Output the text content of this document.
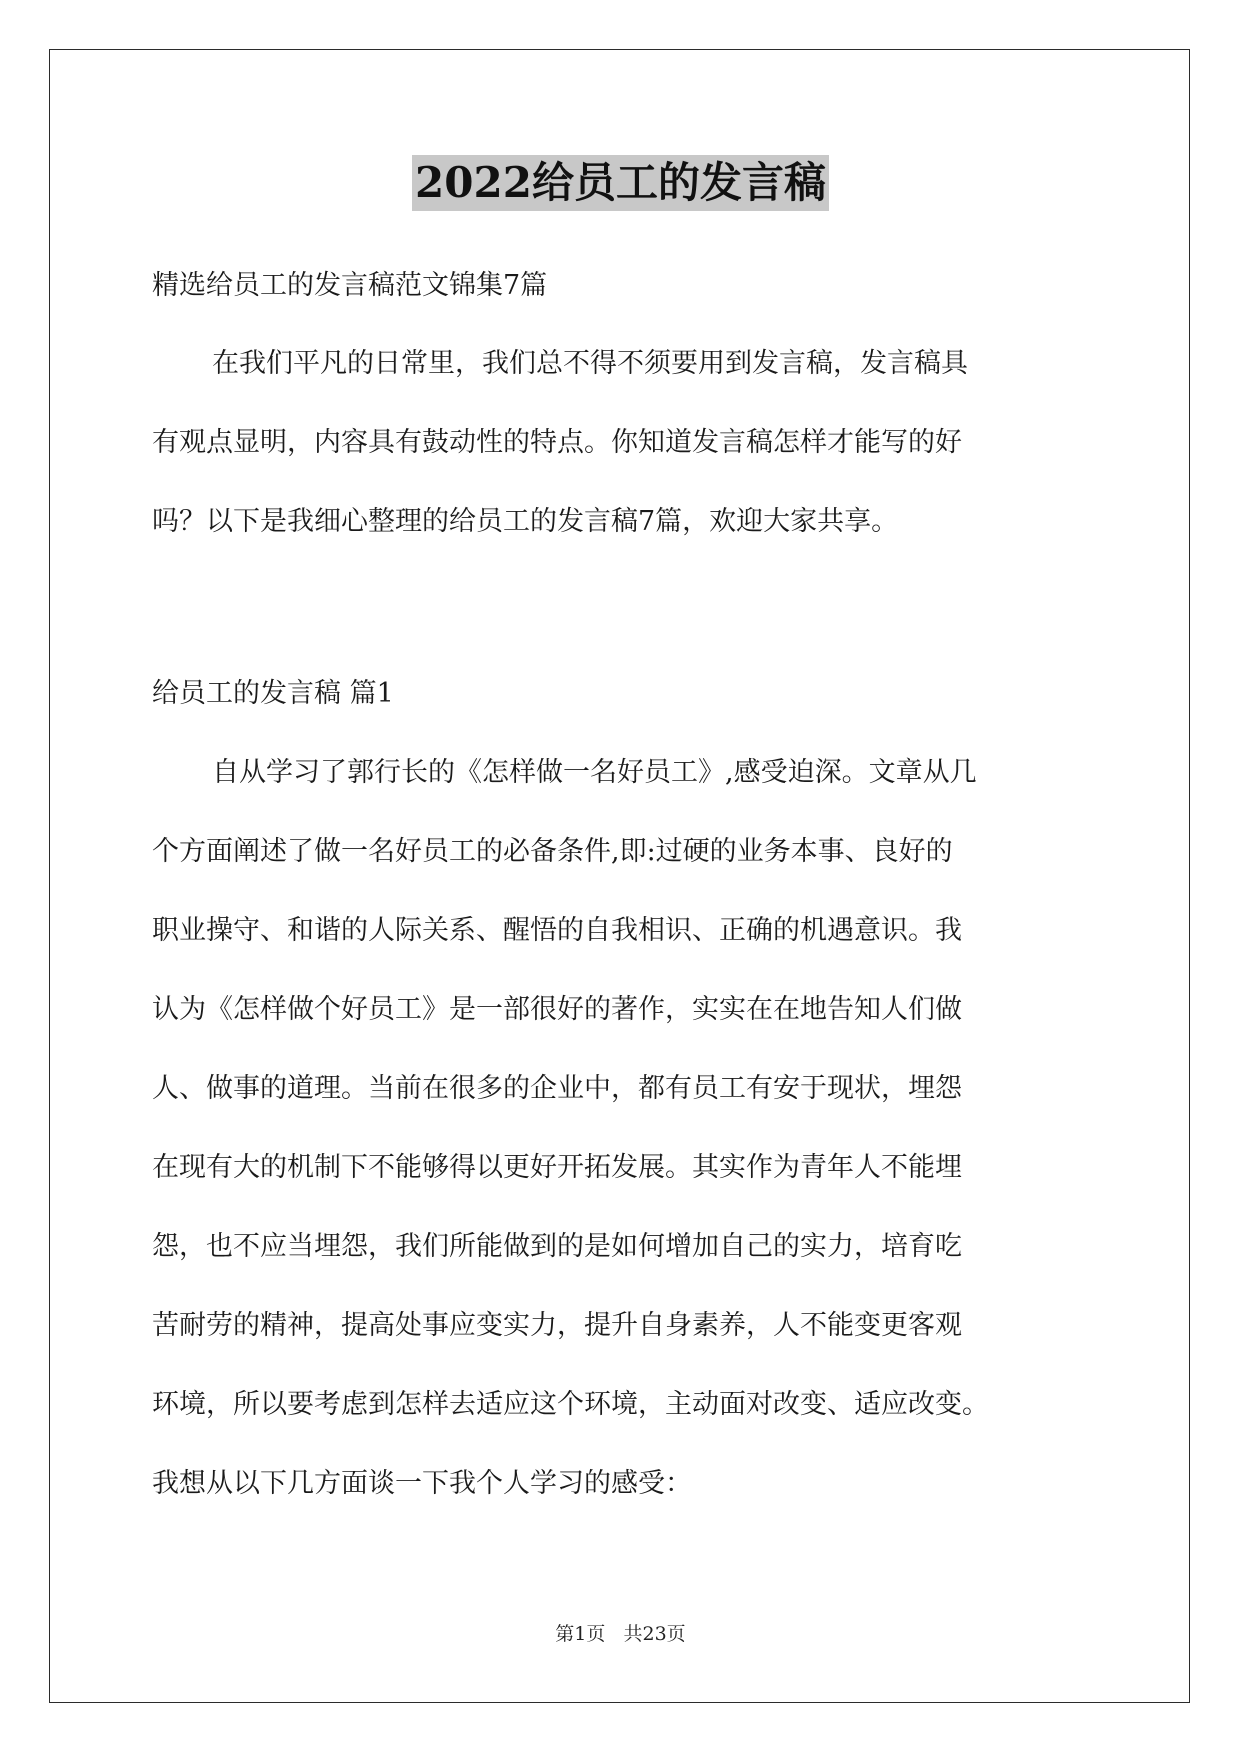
2022给员工的发言稿
精选给员工的发言稿范文锦集7篇
在我们平凡的日常里，我们总不得不须要用到发言稿，发言稿具
有观点显明，内容具有鼓动性的特点。你知道发言稿怎样才能写的好
吗？以下是我细心整理的给员工的发言稿7篇，欢迎大家共享。
给员工的发言稿 篇1
自从学习了郭行长的《怎样做一名好员工》,感受迫深。文章从几
个方面阐述了做一名好员工的必备条件,即:过硬的业务本事、良好的
职业操守、和谐的人际关系、醒悟的自我相识、正确的机遇意识。我
认为《怎样做个好员工》是一部很好的著作，实实在在地告知人们做
人、做事的道理。当前在很多的企业中，都有员工有安于现状，埋怨
在现有大的机制下不能够得以更好开拓发展。其实作为青年人不能埋
怨，也不应当埋怨，我们所能做到的是如何增加自己的实力，培育吃
苦耐劳的精神，提高处事应变实力，提升自身素养，人不能变更客观
环境，所以要考虑到怎样去适应这个环境，主动面对改变、适应改变。
我想从以下几方面谈一下我个人学习的感受：
第1页   共23页
